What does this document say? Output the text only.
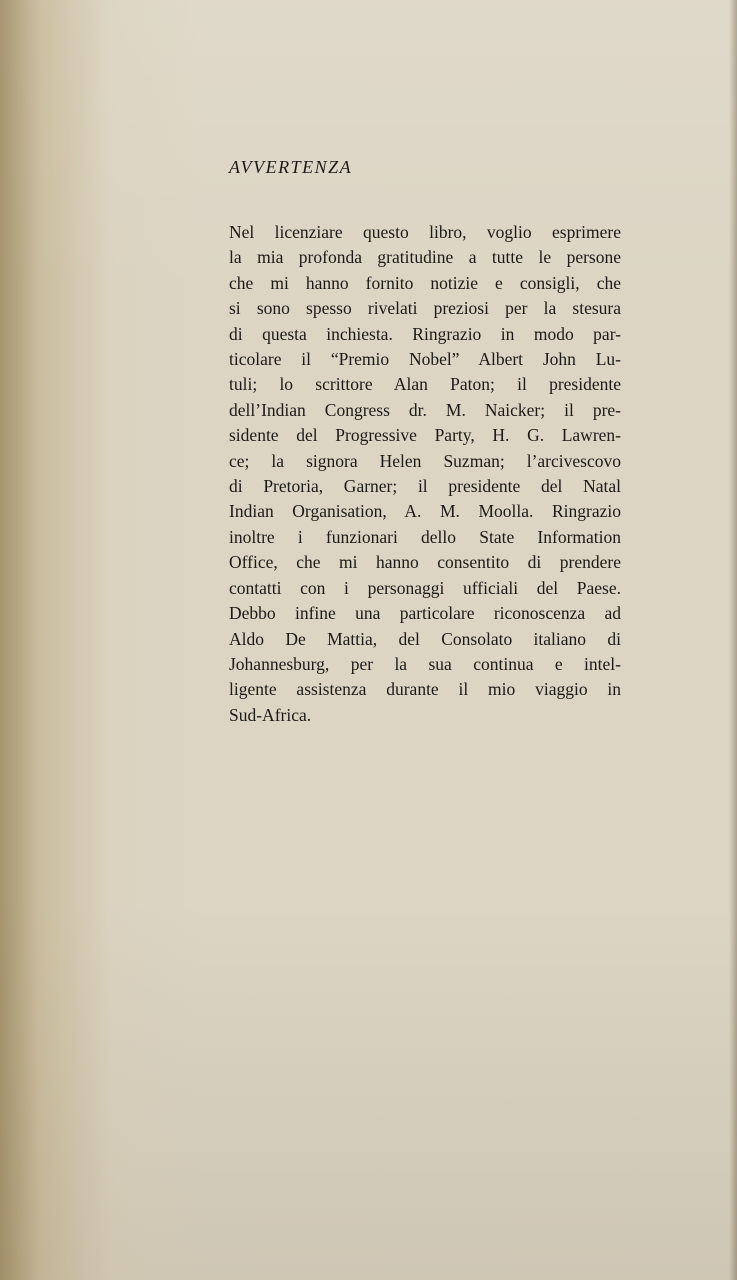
AVVERTENZA

Nel licenziare questo libro, voglio esprimere
la mia profonda gratitudine a tutte le persone
che mi hanno fornito notizie e consigli, che
si sono spesso rivelati preziosi per la stesura
di questa inchiesta. Ringrazio in modo par-
ticolare il “Premio Nobel” Albert John Lu-
tuli; lo scrittore Alan Paton; il presidente
dell’Indian Congress dr. M. Naicker; il pre-
sidente del Progressive Party, H. G. Lawren-
ce; la signora Helen Suzman; l’arcivescovo
di Pretoria, Garner; il presidente del Natal
Indian Organisation, A. M. Moolla. Ringrazio
inoltre i funzionari dello State Information
Office, che mi hanno consentito di prendere
contatti con i personaggi ufficiali del Paese.
Debbo infine una particolare riconoscenza ad
Aldo De Mattia, del Consolato italiano di
Johannesburg, per la sua continua e intel-
ligente assistenza durante il mio viaggio in
Sud-Africa.
